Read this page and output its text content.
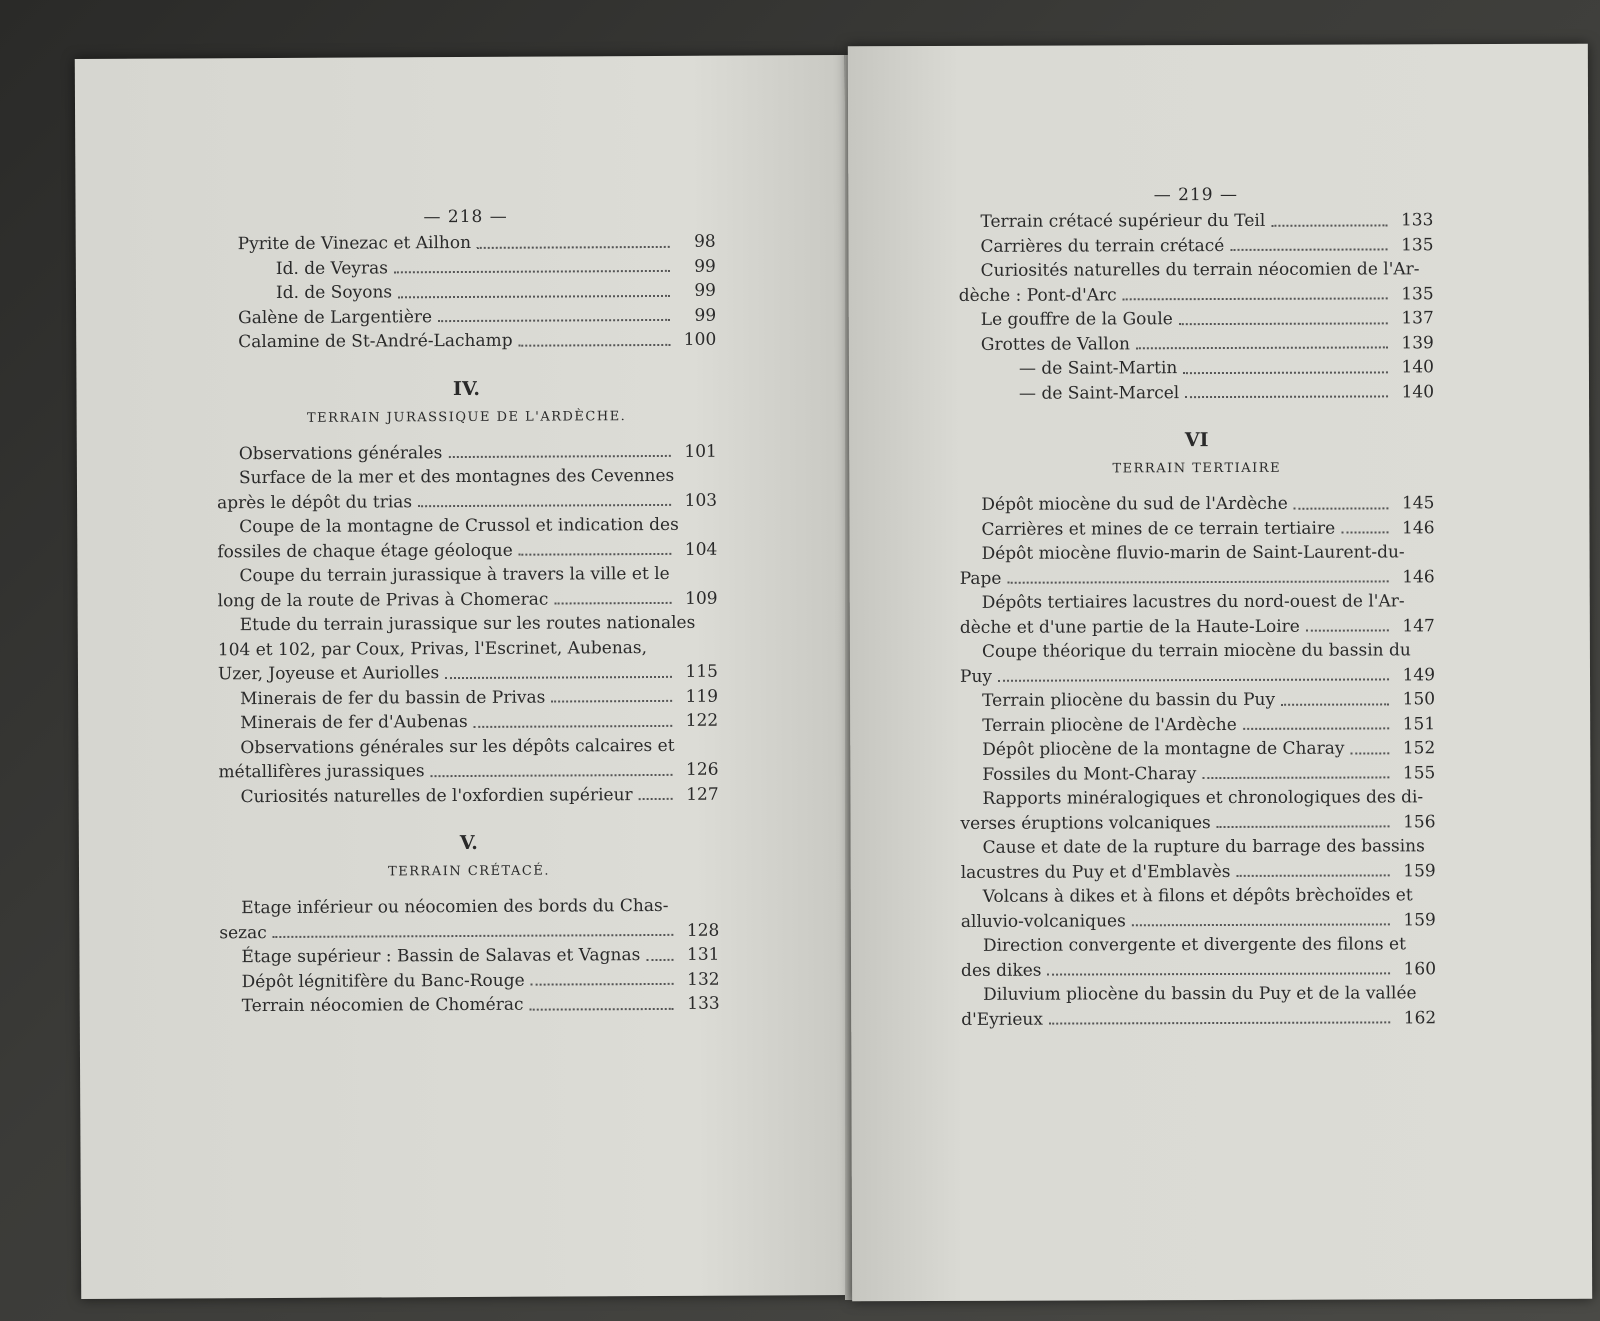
— 218 —
Pyrite de Vinezac et Ailhon	98
Id. de Veyras	99
Id. de Soyons	99
Galène de Largentière	99
Calamine de St-André-Lachamp	100
IV.
TERRAIN JURASSIQUE DE L'ARDÈCHE.
Observations générales	101
Surface de la mer et des montagnes des Cevennes
après le dépôt du trias	103
Coupe de la montagne de Crussol et indication des
fossiles de chaque étage géoloque	104
Coupe du terrain jurassique à travers la ville et le
long de la route de Privas à Chomerac	109
Etude du terrain jurassique sur les routes nationales
104 et 102, par Coux, Privas, l'Escrinet, Aubenas,
Uzer, Joyeuse et Auriolles	115
Minerais de fer du bassin de Privas	119
Minerais de fer d'Aubenas	122
Observations générales sur les dépôts calcaires et
métallifères jurassiques	126
Curiosités naturelles de l'oxfordien supérieur	127
V.
TERRAIN CRÉTACÉ.
Etage inférieur ou néocomien des bords du Chas-
sezac	128
Étage supérieur : Bassin de Salavas et Vagnas	131
Dépôt légnitifère du Banc-Rouge	132
Terrain néocomien de Chomérac	133
— 219 —
Terrain crétacé supérieur du Teil	133
Carrières du terrain crétacé	135
Curiosités naturelles du terrain néocomien de l'Ar-
dèche : Pont-d'Arc	135
Le gouffre de la Goule	137
Grottes de Vallon	139
— de Saint-Martin	140
— de Saint-Marcel	140
VI
TERRAIN TERTIAIRE
Dépôt miocène du sud de l'Ardèche	145
Carrières et mines de ce terrain tertiaire	146
Dépôt miocène fluvio-marin de Saint-Laurent-du-
Pape	146
Dépôts tertiaires lacustres du nord-ouest de l'Ar-
dèche et d'une partie de la Haute-Loire	147
Coupe théorique du terrain miocène du bassin du
Puy	149
Terrain pliocène du bassin du Puy	150
Terrain pliocène de l'Ardèche	151
Dépôt pliocène de la montagne de Charay	152
Fossiles du Mont-Charay	155
Rapports minéralogiques et chronologiques des di-
verses éruptions volcaniques	156
Cause et date de la rupture du barrage des bassins
lacustres du Puy et d'Emblavès	159
Volcans à dikes et à filons et dépôts brèchoïdes et
alluvio-volcaniques	159
Direction convergente et divergente des filons et
des dikes	160
Diluvium pliocène du bassin du Puy et de la vallée
d'Eyrieux	162
